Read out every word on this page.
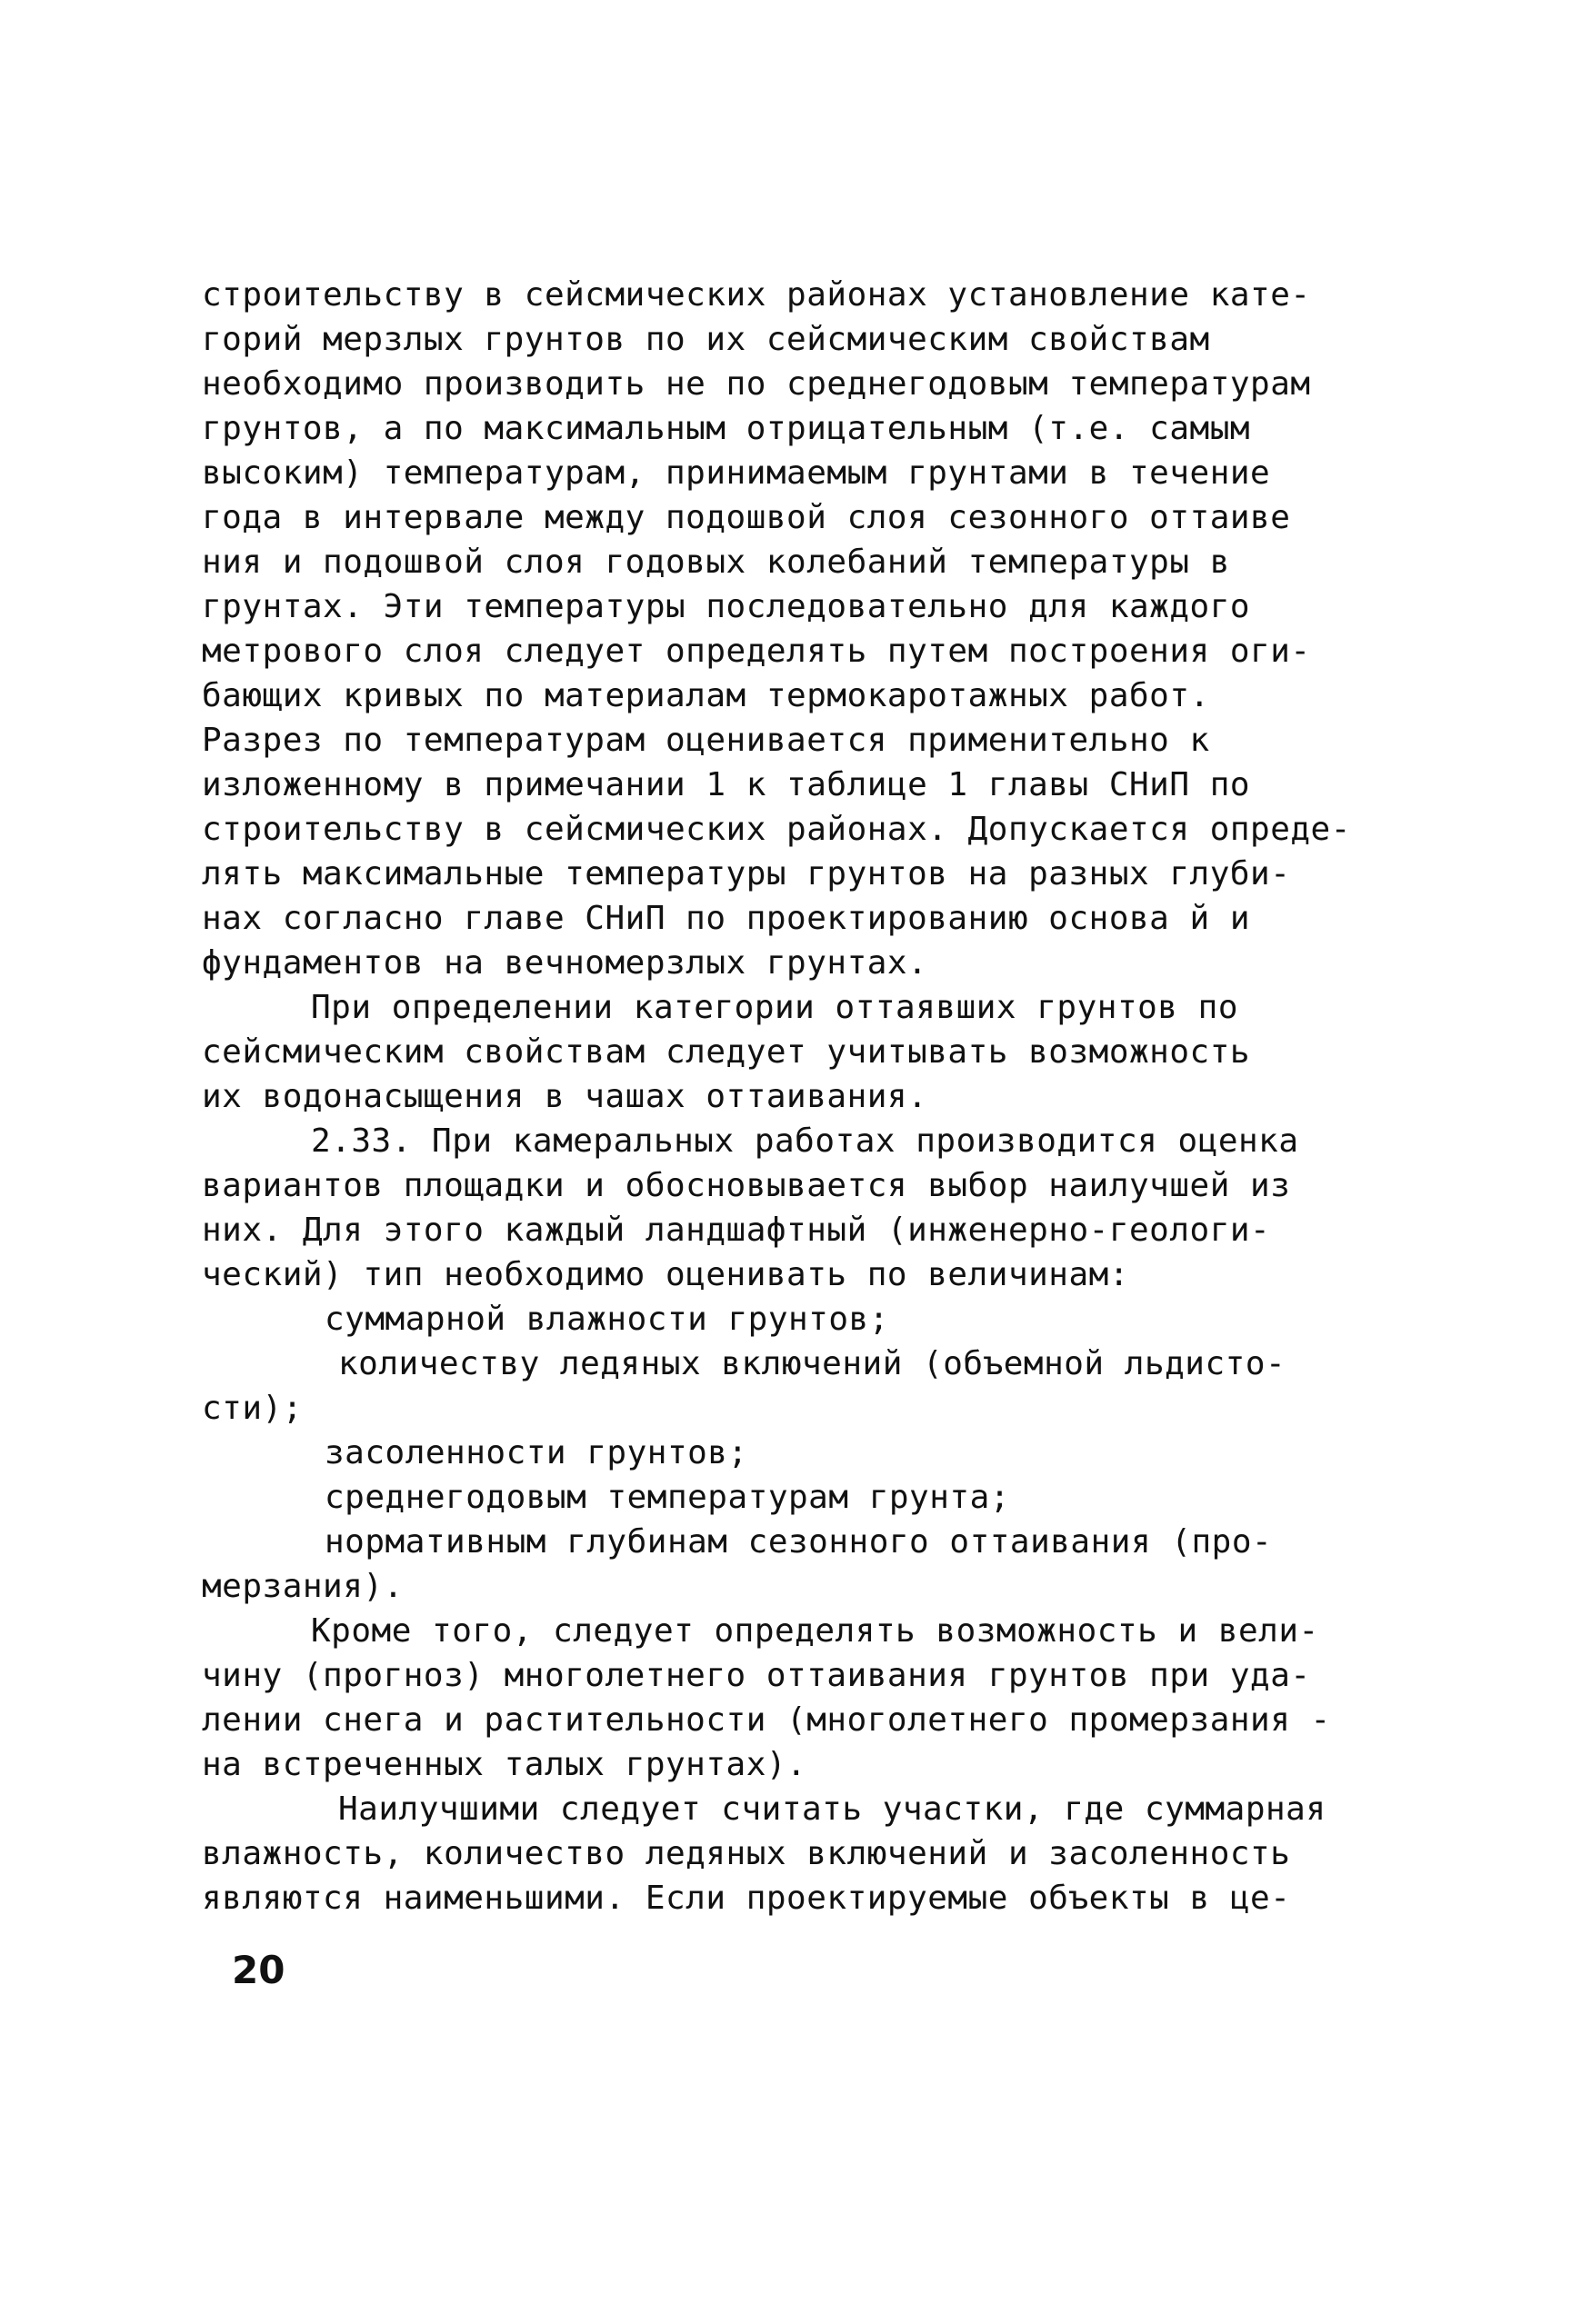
строительству в сейсмических районах установление кате-
горий мерзлых грунтов по их сейсмическим свойствам
необходимо производить не по среднегодовым температурам
грунтов, а по максимальным отрицательным (т.е. самым
высоким) температурам, принимаемым грунтами в течение
года в интервале между подошвой слоя сезонного оттаиве
ния и подошвой слоя годовых колебаний температуры в
грунтах. Эти температуры последовательно для каждого
метрового слоя следует определять путем построения оги-
бающих кривых по материалам термокаротажных работ.
Разрез по температурам оценивается применительно к
изложенному в примечании 1 к таблице 1 главы СНиП по
строительству в сейсмических районах. Допускается опреде-
лять максимальные температуры грунтов на разных глуби-
нах согласно главе СНиП по проектированию основа й и
фундаментов на вечномерзлых грунтах.
При определении категории оттаявших грунтов по
сейсмическим свойствам следует учитывать возможность
их водонасыщения в чашах оттаивания.
2.33. При камеральных работах производится оценка
вариантов площадки и обосновывается выбор наилучшей из
них. Для этого каждый ландшафтный (инженерно-геологи-
ческий) тип необходимо оценивать по величинам:
суммарной влажности грунтов;
количеству ледяных включений (объемной льдисто-
сти);
засоленности грунтов;
среднегодовым температурам грунта;
нормативным глубинам сезонного оттаивания (про-
мерзания).
Кроме того, следует определять возможность и вели-
чину (прогноз) многолетнего оттаивания грунтов при уда-
лении снега и растительности (многолетнего промерзания -
на встреченных талых грунтах).
Наилучшими следует считать участки, где суммарная
влажность, количество ледяных включений и засоленность
являются наименьшими. Если проектируемые объекты в це-
20
